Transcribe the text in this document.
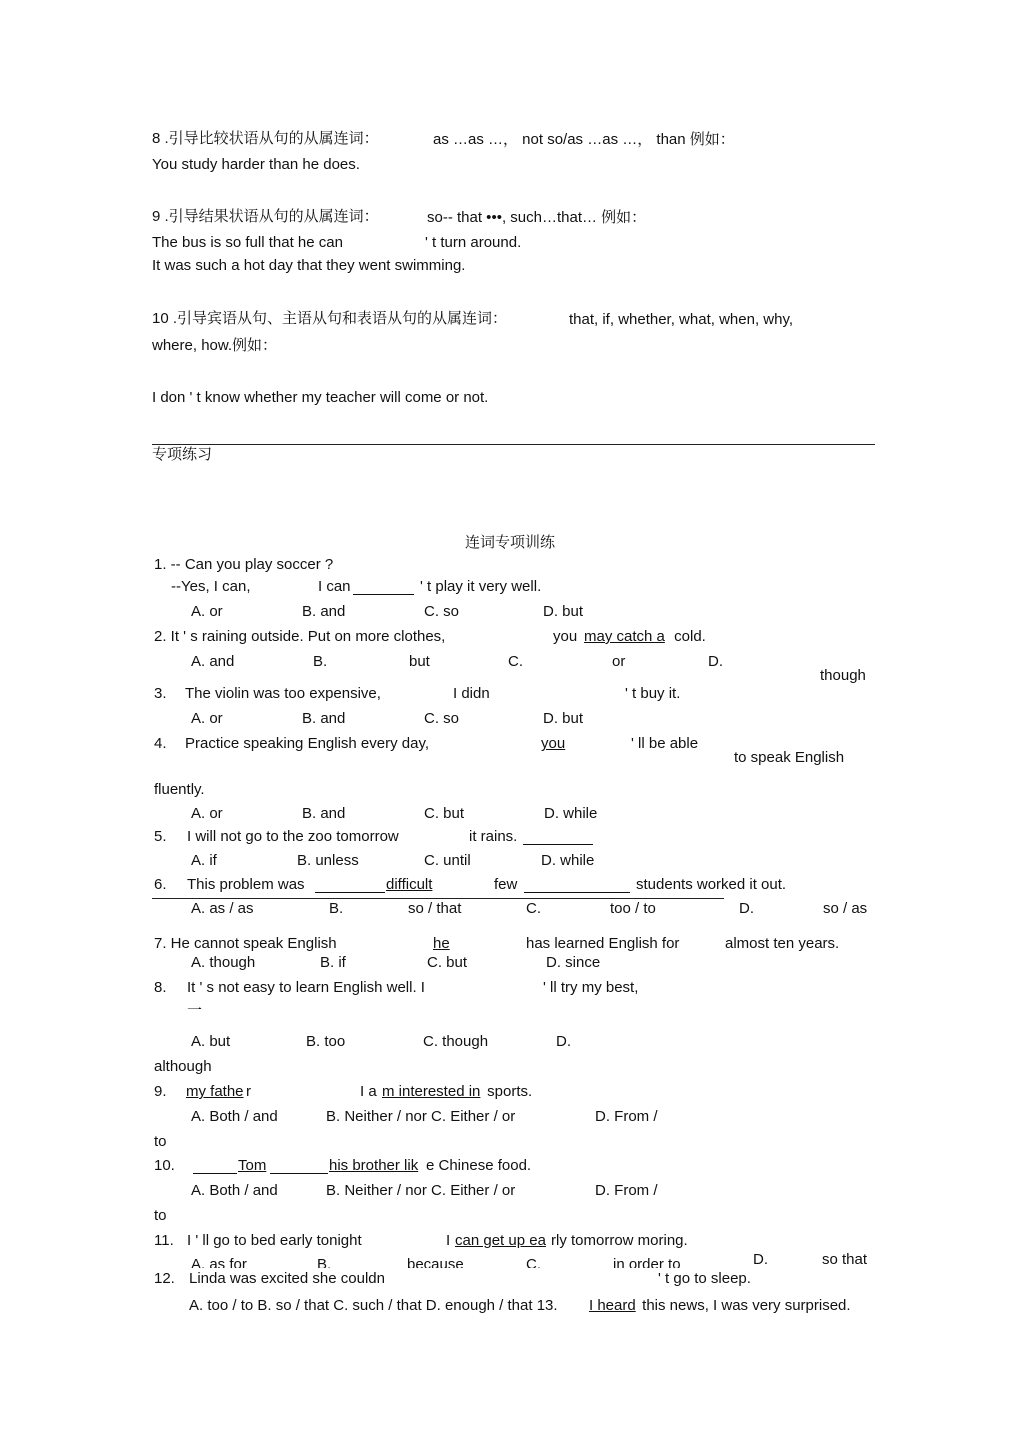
8 .引导比较状语从句的从属连词：	as …as …， not so/as …as …， than 例如：
You study harder than he does.
9 .引导结果状语从句的从属连词：	so-- that •••, such…that… 例如：
The bus is so full that he can	' t turn around.
It was such a hot day that they went swimming.
10 .引导宾语从句、主语从句和表语从句的从属连词：	that, if, whether, what, when, why,
where, how.例如：
I don ' t know whether my teacher will come or not.
专项练习
连词专项训练
1. -- Can you play soccer ?
--Yes, I can,	I can	' t play it very well.
A. or	B. and	C. so	D. but
2. It ' s raining outside. Put on more clothes,	you may catch a cold.
A. and	B.	but	C.	or	D.
though
3. The violin was too expensive,	I didn	' t buy it.
A. or	B. and	C. so	D. but
4. Practice speaking English every day,	you	' ll be able
to speak English
fluently.
A. or	B. and	C. but	D. while
5. I will not go to the zoo tomorrow	it rains.
A. if	B. unless	C. until	D. while
6. This problem was	difficult	few	students worked it out.
A. as / as	B.	so / that	C.	too / to	D.	so / as
7. He cannot speak English	he	has learned English for	almost ten years.
A. though	B. if	C. but	D. since
8. It ' s not easy to learn English well. I	' ll try my best,
一
A. but	B. too	C. though	D.
although
9. my fathe r	I a m interested in sports.
A. Both / and	B. Neither / nor C. Either / or	D. From /
to
10.	Tom	his brother lik e Chinese food.
A. Both / and	B. Neither / nor C. Either / or	D. From /
to
11. I ' ll go to bed early tonight	I can get up ea rly tomorrow moring.
A. as for	B.	because	C.	in order to	D.	so that
12. Linda was excited she couldn	' t go to sleep.
A. too / to B. so / that C. such / that D. enough / that 13. I heard this news, I was very surprised.
